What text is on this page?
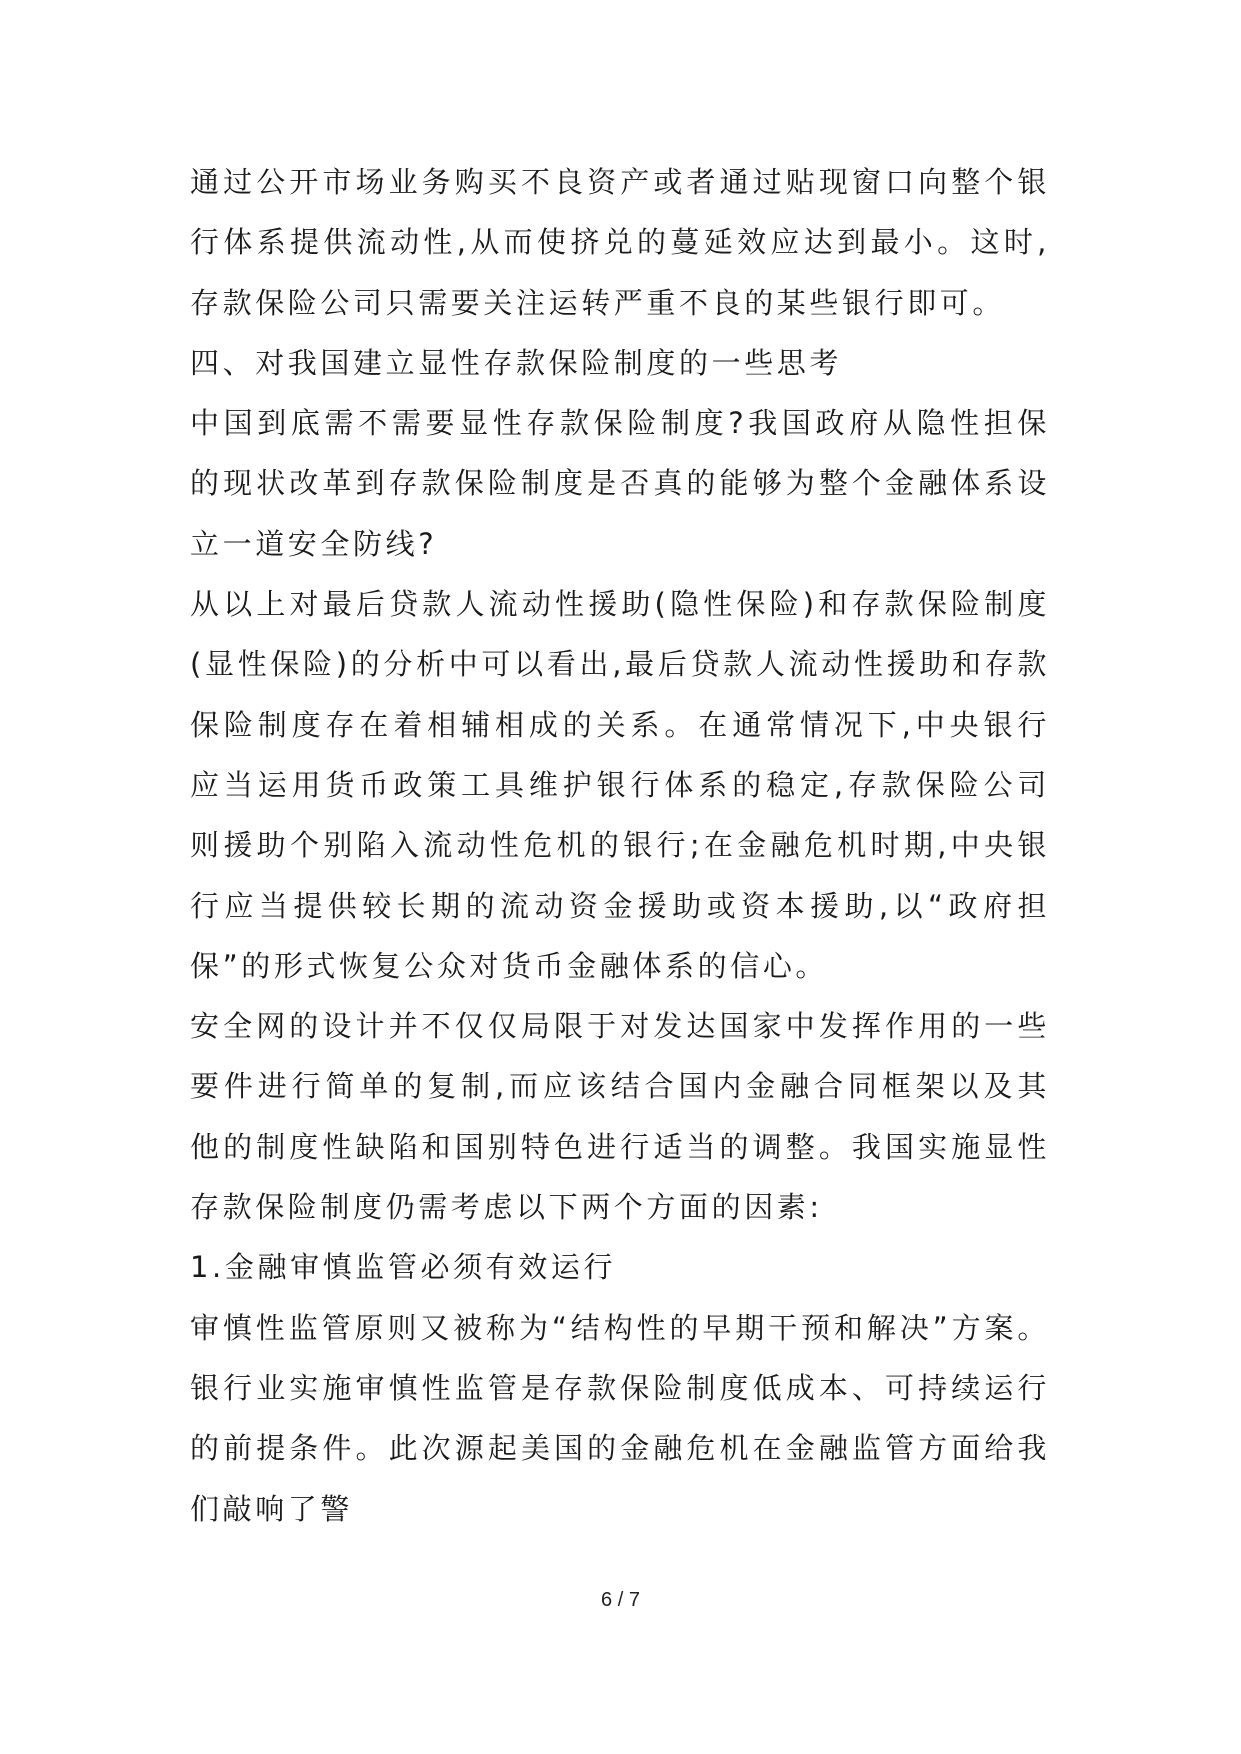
通过公开市场业务购买不良资产或者通过贴现窗口向整个银行体系提供流动性,从而使挤兑的蔓延效应达到最小。这时,存款保险公司只需要关注运转严重不良的某些银行即可。

四、对我国建立显性存款保险制度的一些思考

中国到底需不需要显性存款保险制度?我国政府从隐性担保的现状改革到存款保险制度是否真的能够为整个金融体系设立一道安全防线?

从以上对最后贷款人流动性援助(隐性保险)和存款保险制度(显性保险)的分析中可以看出,最后贷款人流动性援助和存款保险制度存在着相辅相成的关系。在通常情况下,中央银行应当运用货币政策工具维护银行体系的稳定,存款保险公司则援助个别陷入流动性危机的银行;在金融危机时期,中央银行应当提供较长期的流动资金援助或资本援助,以“政府担保”的形式恢复公众对货币金融体系的信心。

安全网的设计并不仅仅局限于对发达国家中发挥作用的一些要件进行简单的复制,而应该结合国内金融合同框架以及其他的制度性缺陷和国别特色进行适当的调整。我国实施显性存款保险制度仍需考虑以下两个方面的因素:

1.金融审慎监管必须有效运行

审慎性监管原则又被称为“结构性的早期干预和解决”方案。银行业实施审慎性监管是存款保险制度低成本、可持续运行的前提条件。此次源起美国的金融危机在金融监管方面给我们敲响了警

6 / 7
